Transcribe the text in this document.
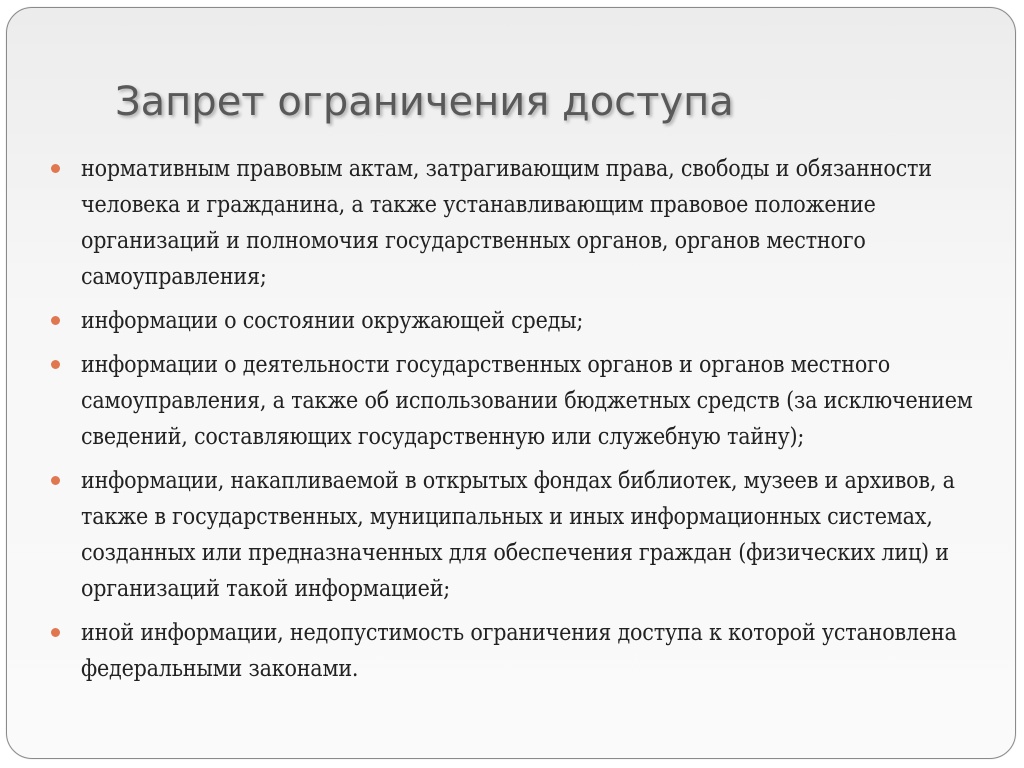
Запрет ограничения доступа
нормативным правовым актам, затрагивающим права, свободы и обязанности человека и гражданина, а также устанавливающим правовое положение организаций и полномочия государственных органов, органов местного самоуправления;
информации о состоянии окружающей среды;
информации о деятельности государственных органов и органов местного самоуправления, а также об использовании бюджетных средств (за исключением сведений, составляющих государственную или служебную тайну);
информации, накапливаемой в открытых фондах библиотек, музеев и архивов, а также в государственных, муниципальных и иных информационных системах, созданных или предназначенных для обеспечения граждан (физических лиц) и организаций такой информацией;
иной информации, недопустимость ограничения доступа к которой установлена федеральными законами.
